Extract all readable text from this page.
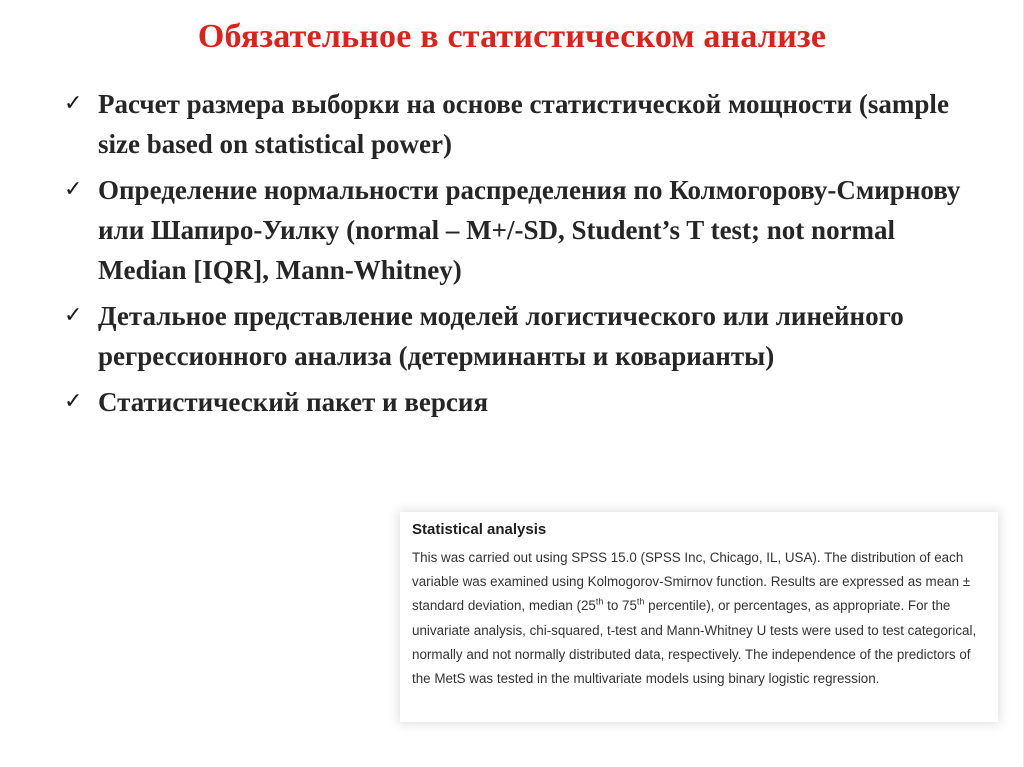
Обязательное в статистическом анализе
✓ Расчет размера выборки на основе статистической мощности (sample size based on statistical power)
✓ Определение нормальности распределения по Колмогорову-Смирнову или Шапиро-Уилку (normal – M+/-SD, Student’s T test; not normal Median [IQR], Mann-Whitney)
✓ Детальное представление моделей логистического или линейного регрессионного анализа (детерминанты и коварианты)
✓ Статистический пакет и версия
Statistical analysis
This was carried out using SPSS 15.0 (SPSS Inc, Chicago, IL, USA). The distribution of each variable was examined using Kolmogorov-Smirnov function. Results are expressed as mean ± standard deviation, median (25th to 75th percentile), or percentages, as appropriate. For the univariate analysis, chi-squared, t-test and Mann-Whitney U tests were used to test categorical, normally and not normally distributed data, respectively. The independence of the predictors of the MetS was tested in the multivariate models using binary logistic regression.
